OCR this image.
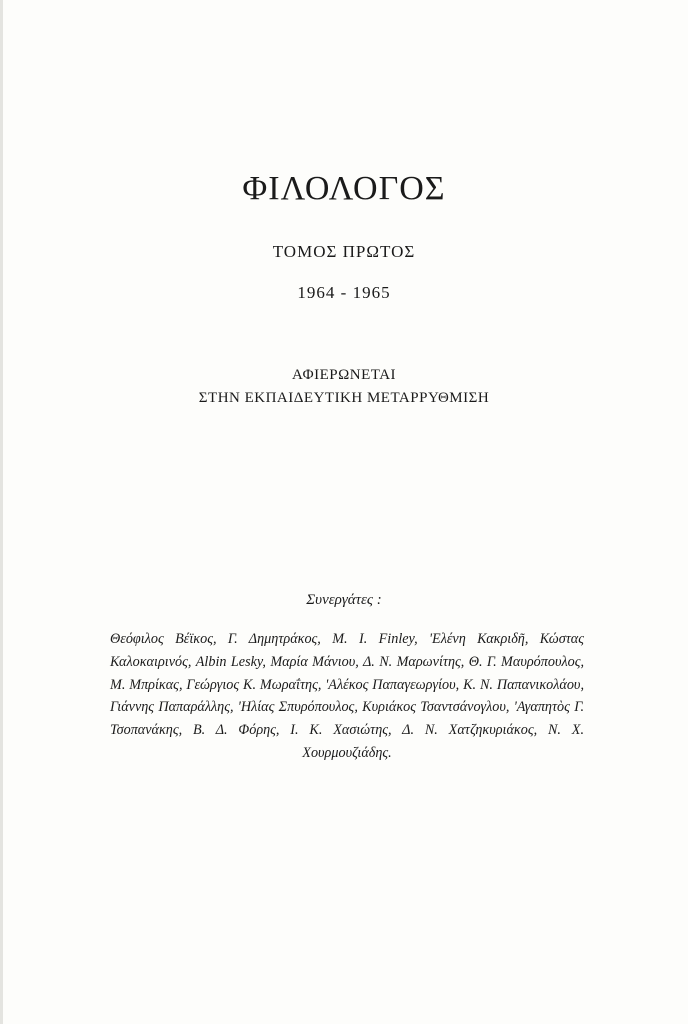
ΦΙΛΟΛΟΓΟΣ
ΤΟΜΟΣ ΠΡΩΤΟΣ
1964 - 1965
ΑΦΙΕΡΩΝΕΤΑΙ
ΣΤΗΝ ΕΚΠΑΙΔΕΥΤΙΚΗ ΜΕΤΑΡΡΥΘΜΙΣΗ
Συνεργάτες :
Θεόφιλος Βέϊκος, Γ. Δημητράκος, Μ. Ι. Finley, 'Ελένη Κακριδῆ, Κώστας Καλοκαιρινός, Albin Lesky, Μαρία Μάνιου, Δ. Ν. Μαρωνίτης, Θ. Γ. Μαυρόπουλος, Μ. Μπρίκας, Γεώργιος Κ. Μωραΐτης, 'Αλέκος Παπαγεωργίου, Κ. Ν. Παπανικολάου, Γιάννης Παπαράλλης, 'Ηλίας Σπυρόπουλος, Κυριάκος Τσαντσάνογλου, 'Αγαπητὸς Γ. Τσοπανάκης, Β. Δ. Φόρης, Ι. Κ. Χασιώτης, Δ. Ν. Χατζηκυριάκος, Ν. Χ. Χουρμουζιάδης.
